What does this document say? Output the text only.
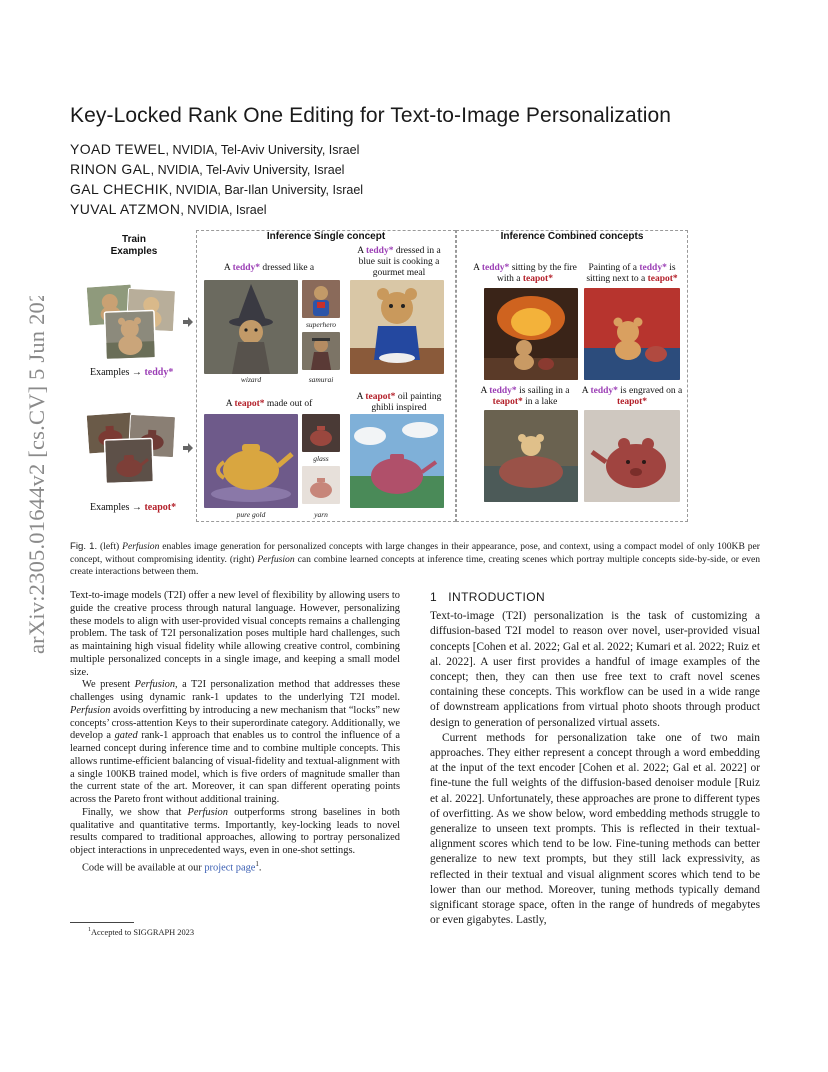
arXiv:2305.01644v2 [cs.CV] 5 Jun 2024
Key-Locked Rank One Editing for Text-to-Image Personalization
YOAD TEWEL, NVIDIA, Tel-Aviv University, Israel
RINON GAL, NVIDIA, Tel-Aviv University, Israel
GAL CHECHIK, NVIDIA, Bar-Ilan University, Israel
YUVAL ATZMON, NVIDIA, Israel
Train
Examples
Inference Single concept	Inference Combined concepts
Examples → teddy*
Examples → teapot*
A teddy* dressed like a
wizard
superhero
samurai
A teddy* dressed in a blue suit is cooking a gourmet meal
A teapot* made out of
pure gold
glass
yarn
A teapot* oil painting ghibli inspired
A teddy* sitting by the fire with a teapot*
Painting of a teddy* is sitting next to a teapot*
A teddy* is sailing in a teapot* in a lake
A teddy* is engraved on a teapot*
Fig. 1. (left) Perfusion enables image generation for personalized concepts with large changes in their appearance, pose, and context, using a compact model of only 100KB per concept, without compromising identity. (right) Perfusion can combine learned concepts at inference time, creating scenes which portray multiple concepts side-by-side, or even create interactions between them.

Text-to-image models (T2I) offer a new level of flexibility by allowing users to guide the creative process through natural language. However, personalizing these models to align with user-provided visual concepts remains a challenging problem. The task of T2I personalization poses multiple hard challenges, such as maintaining high visual fidelity while allowing creative control, combining multiple personalized concepts in a single image, and keeping a small model size.

We present Perfusion, a T2I personalization method that addresses these challenges using dynamic rank-1 updates to the underlying T2I model. Perfusion avoids overfitting by introducing a new mechanism that “locks” new concepts’ cross-attention Keys to their superordinate category. Additionally, we develop a gated rank-1 approach that enables us to control the influence of a learned concept during inference time and to combine multiple concepts. This allows runtime-efficient balancing of visual-fidelity and textual-alignment with a single 100KB trained model, which is five orders of magnitude smaller than the current state of the art. Moreover, it can span different operating points across the Pareto front without additional training.

Finally, we show that Perfusion outperforms strong baselines in both qualitative and quantitative terms. Importantly, key-locking leads to novel results compared to traditional approaches, allowing to portray personalized object interactions in unprecedented ways, even in one-shot settings.

Code will be available at our project page$^1$.

$^1$Accepted to SIGGRAPH 2023
1   INTRODUCTION

Text-to-image (T2I) personalization is the task of customizing a diffusion-based T2I model to reason over novel, user-provided visual concepts [Cohen et al. 2022; Gal et al. 2022; Kumari et al. 2022; Ruiz et al. 2022]. A user first provides a handful of image examples of the concept; then, they can then use free text to craft novel scenes containing these concepts. This workflow can be used in a wide range of downstream applications from virtual photo shoots through product design to generation of personalized virtual assets.

Current methods for personalization take one of two main approaches. They either represent a concept through a word embedding at the input of the text encoder [Cohen et al. 2022; Gal et al. 2022] or fine-tune the full weights of the diffusion-based denoiser module [Ruiz et al. 2022]. Unfortunately, these approaches are prone to different types of overfitting. As we show below, word embedding methods struggle to generalize to unseen text prompts. This is reflected in their textual-alignment scores which tend to be low. Fine-tuning methods can better generalize to new text prompts, but they still lack expressivity, as reflected in their textual and visual alignment scores which tend to be lower than our method. Moreover, tuning methods typically demand significant storage space, often in the range of hundreds of megabytes or even gigabytes. Lastly,
